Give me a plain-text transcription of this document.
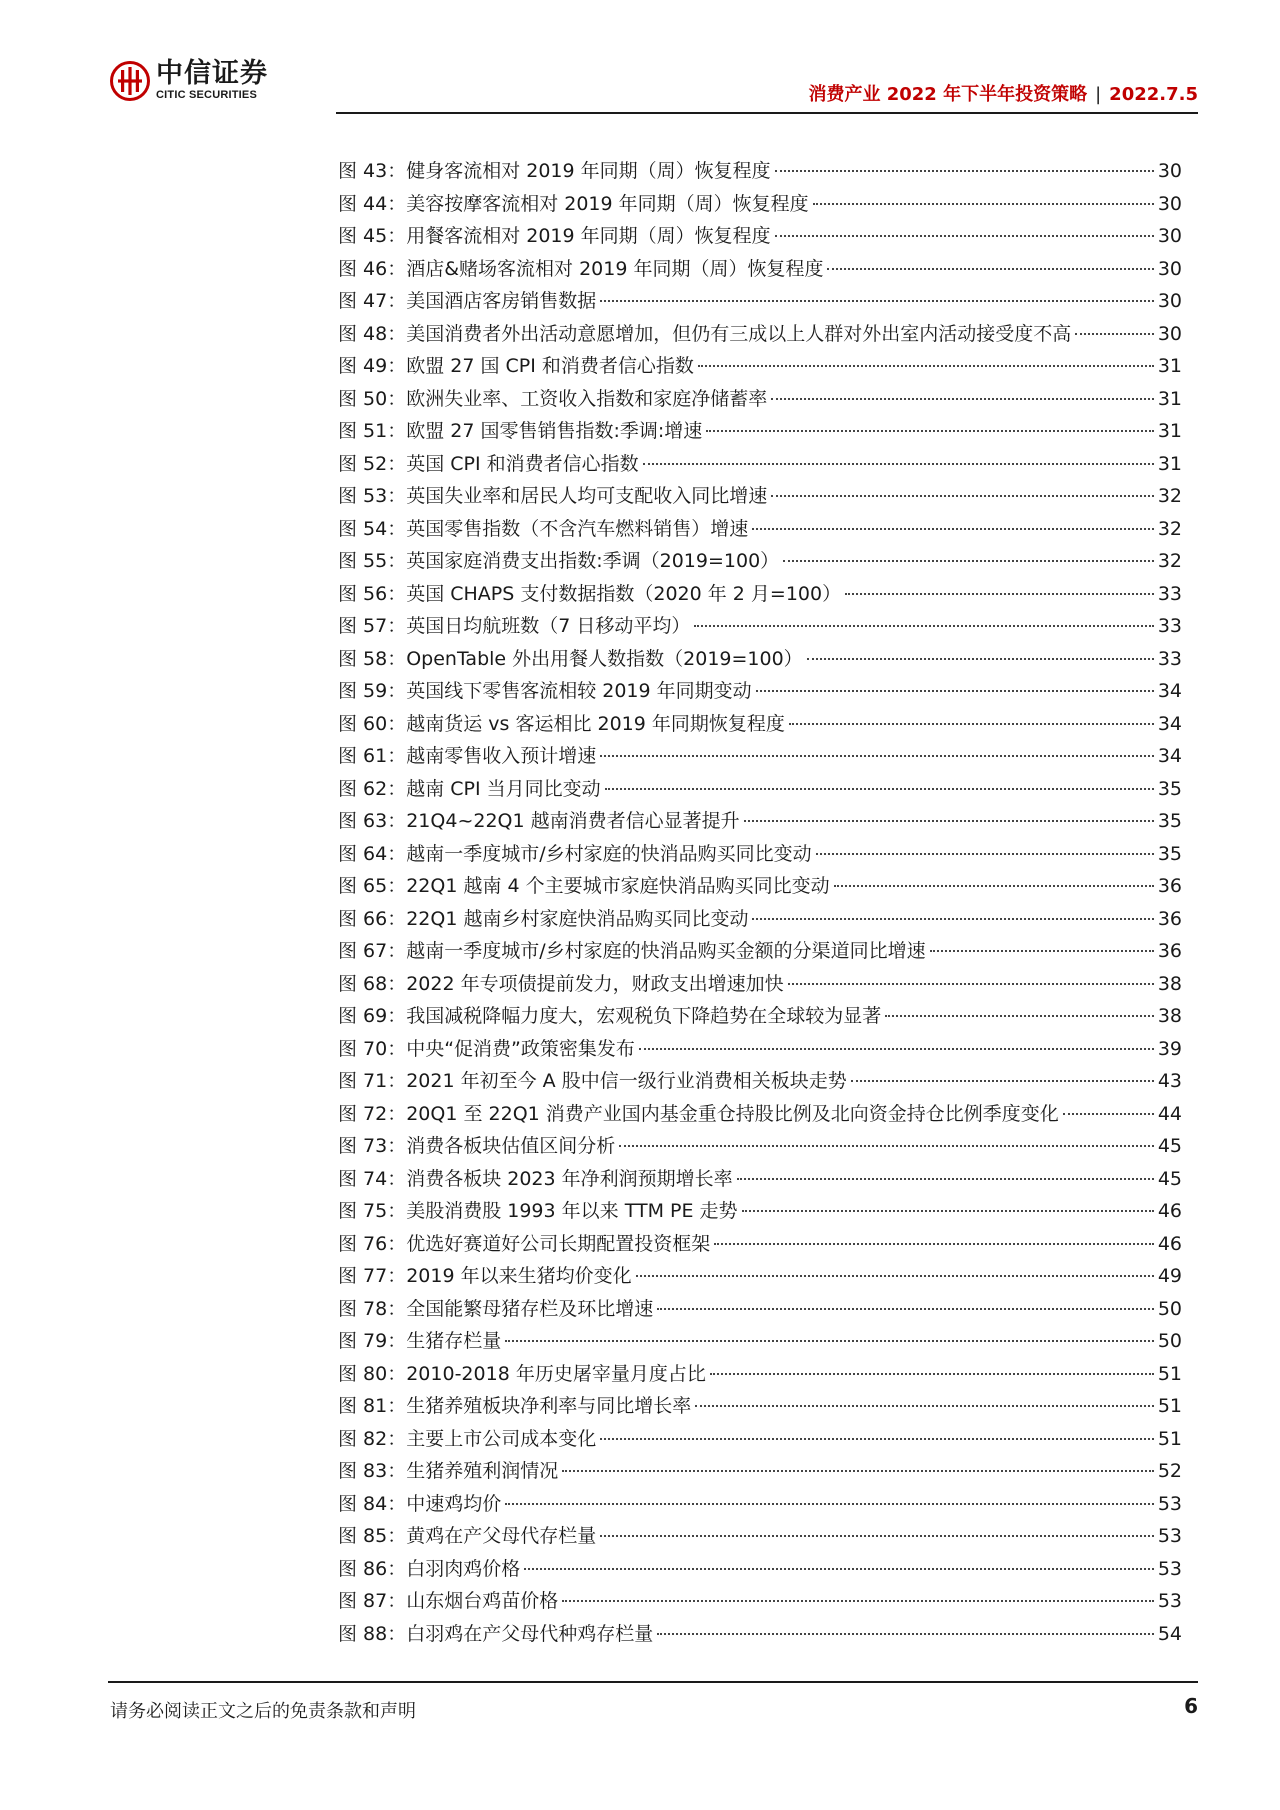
中信证券
CITIC SECURITIES	消费产业 2022 年下半年投资策略 | 2022.7.5
图 43： 健身客流相对 2019 年同期（周）恢复程度	30
图 44： 美容按摩客流相对 2019 年同期（周）恢复程度	30
图 45： 用餐客流相对 2019 年同期（周）恢复程度	30
图 46： 酒店&赌场客流相对 2019 年同期（周）恢复程度	30
图 47： 美国酒店客房销售数据	30
图 48： 美国消费者外出活动意愿增加，但仍有三成以上人群对外出室内活动接受度不高	30
图 49： 欧盟 27 国 CPI 和消费者信心指数	31
图 50： 欧洲失业率、工资收入指数和家庭净储蓄率	31
图 51： 欧盟 27 国零售销售指数:季调:增速	31
图 52： 英国 CPI 和消费者信心指数	31
图 53： 英国失业率和居民人均可支配收入同比增速	32
图 54： 英国零售指数（不含汽车燃料销售）增速	32
图 55： 英国家庭消费支出指数:季调（2019=100）	32
图 56： 英国 CHAPS 支付数据指数（2020 年 2 月=100）	33
图 57： 英国日均航班数（7 日移动平均）	33
图 58： OpenTable 外出用餐人数指数（2019=100）	33
图 59： 英国线下零售客流相较 2019 年同期变动	34
图 60： 越南货运 vs 客运相比 2019 年同期恢复程度	34
图 61： 越南零售收入预计增速	34
图 62： 越南 CPI 当月同比变动	35
图 63： 21Q4~22Q1 越南消费者信心显著提升	35
图 64： 越南一季度城市/乡村家庭的快消品购买同比变动	35
图 65： 22Q1 越南 4 个主要城市家庭快消品购买同比变动	36
图 66： 22Q1 越南乡村家庭快消品购买同比变动	36
图 67： 越南一季度城市/乡村家庭的快消品购买金额的分渠道同比增速	36
图 68： 2022 年专项债提前发力，财政支出增速加快	38
图 69： 我国减税降幅力度大，宏观税负下降趋势在全球较为显著	38
图 70： 中央“促消费”政策密集发布	39
图 71： 2021 年初至今 A 股中信一级行业消费相关板块走势	43
图 72： 20Q1 至 22Q1 消费产业国内基金重仓持股比例及北向资金持仓比例季度变化	44
图 73： 消费各板块估值区间分析	45
图 74： 消费各板块 2023 年净利润预期增长率	45
图 75： 美股消费股 1993 年以来 TTM PE 走势	46
图 76： 优选好赛道好公司长期配置投资框架	46
图 77： 2019 年以来生猪均价变化	49
图 78： 全国能繁母猪存栏及环比增速	50
图 79： 生猪存栏量	50
图 80： 2010-2018 年历史屠宰量月度占比	51
图 81： 生猪养殖板块净利率与同比增长率	51
图 82： 主要上市公司成本变化	51
图 83： 生猪养殖利润情况	52
图 84： 中速鸡均价	53
图 85： 黄鸡在产父母代存栏量	53
图 86： 白羽肉鸡价格	53
图 87： 山东烟台鸡苗价格	53
图 88： 白羽鸡在产父母代种鸡存栏量	54
请务必阅读正文之后的免责条款和声明	6
